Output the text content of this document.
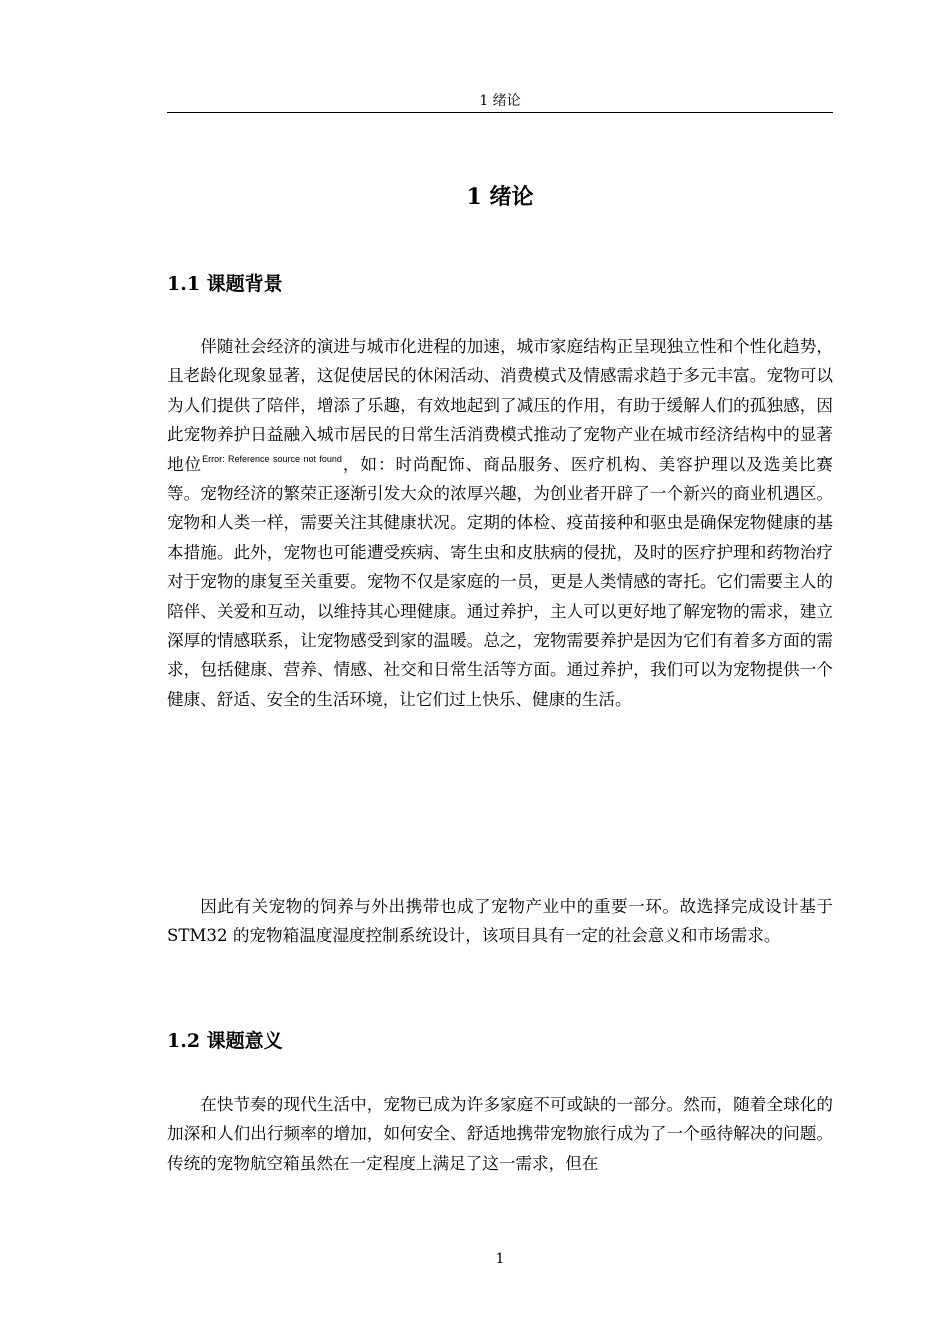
1 绪论
1 绪论
1.1 课题背景

伴随社会经济的演进与城市化进程的加速，城市家庭结构正呈现独立性和个性化趋势，且老龄化现象显著，这促使居民的休闲活动、消费模式及情感需求趋于多元丰富。宠物可以为人们提供了陪伴，增添了乐趣，有效地起到了减压的作用，有助于缓解人们的孤独感，因此宠物养护日益融入城市居民的日常生活消费模式推动了宠物产业在城市经济结构中的显著地位$^{Error: Reference source not found}$，如：时尚配饰、商品服务、医疗机构、美容护理以及选美比赛等。宠物经济的繁荣正逐渐引发大众的浓厚兴趣，为创业者开辟了一个新兴的商业机遇区。宠物和人类一样，需要关注其健康状况。定期的体检、疫苗接种和驱虫是确保宠物健康的基本措施。此外，宠物也可能遭受疾病、寄生虫和皮肤病的侵扰，及时的医疗护理和药物治疗对于宠物的康复至关重要。宠物不仅是家庭的一员，更是人类情感的寄托。它们需要主人的陪伴、关爱和互动，以维持其心理健康。通过养护，主人可以更好地了解宠物的需求，建立深厚的情感联系，让宠物感受到家的温暖。总之，宠物需要养护是因为它们有着多方面的需求，包括健康、营养、情感、社交和日常生活等方面。通过养护，我们可以为宠物提供一个健康、舒适、安全的生活环境，让它们过上快乐、健康的生活。

因此有关宠物的饲养与外出携带也成了宠物产业中的重要一环。故选择完成设计基于 STM32 的宠物箱温度湿度控制系统设计，该项目具有一定的社会意义和市场需求。

1.2 课题意义

在快节奏的现代生活中，宠物已成为许多家庭不可或缺的一部分。然而，随着全球化的加深和人们出行频率的增加，如何安全、舒适地携带宠物旅行成为了一个亟待解决的问题。传统的宠物航空箱虽然在一定程度上满足了这一需求，但在

1
